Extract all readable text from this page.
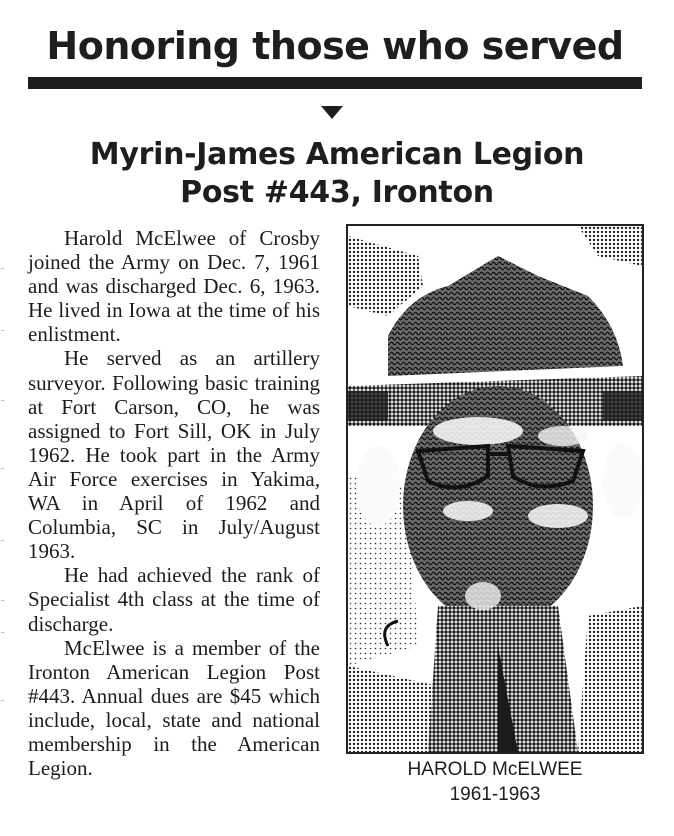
Honoring those who served
Myrin-James American Legion
Post #443, Ironton

Harold McElwee of Crosby joined the Army on Dec. 7, 1961 and was discharged Dec. 6, 1963. He lived in Iowa at the time of his enlistment.

He served as an artillery surveyor. Following basic training at Fort Carson, CO, he was assigned to Fort Sill, OK in July 1962. He took part in the Army Air Force exercises in Yakima, WA in April of 1962 and Columbia, SC in July/August 1963.

He had achieved the rank of Specialist 4th class at the time of discharge.

McElwee is a member of the Ironton American Legion Post #443. Annual dues are $45 which include, local, state and national membership in the American Legion.	HAROLD McELWEE
1961-1963
